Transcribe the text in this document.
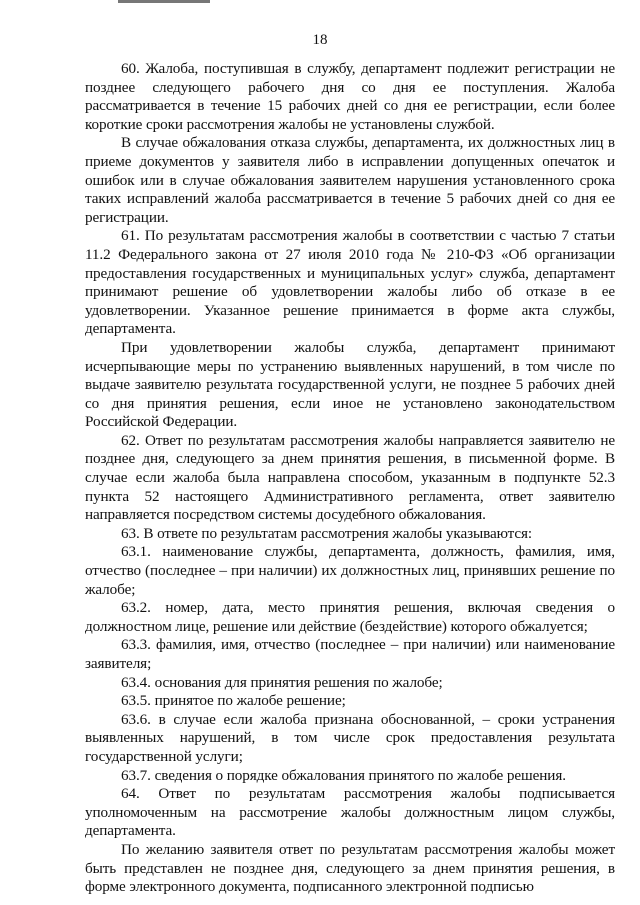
18

60. Жалоба, поступившая в службу, департамент подлежит регистрации не позднее следующего рабочего дня со дня ее поступления. Жалоба рассматривается в течение 15 рабочих дней со дня ее регистрации, если более короткие сроки рассмотрения жалобы не установлены службой.

В случае обжалования отказа службы, департамента, их должностных лиц в приеме документов у заявителя либо в исправлении допущенных опечаток и ошибок или в случае обжалования заявителем нарушения установленного срока таких исправлений жалоба рассматривается в течение 5 рабочих дней со дня ее регистрации.

61. По результатам рассмотрения жалобы в соответствии с частью 7 статьи 11.2 Федерального закона от 27 июля 2010 года № 210-ФЗ «Об организации предоставления государственных и муниципальных услуг» служба, департамент принимают решение об удовлетворении жалобы либо об отказе в ее удовлетворении. Указанное решение принимается в форме акта службы, департамента.

При удовлетворении жалобы служба, департамент принимают исчерпывающие меры по устранению выявленных нарушений, в том числе по выдаче заявителю результата государственной услуги, не позднее 5 рабочих дней со дня принятия решения, если иное не установлено законодательством Российской Федерации.

62. Ответ по результатам рассмотрения жалобы направляется заявителю не позднее дня, следующего за днем принятия решения, в письменной форме. В случае если жалоба была направлена способом, указанным в подпункте 52.3 пункта 52 настоящего Административного регламента, ответ заявителю направляется посредством системы досудебного обжалования.

63. В ответе по результатам рассмотрения жалобы указываются:

63.1. наименование службы, департамента, должность, фамилия, имя, отчество (последнее – при наличии) их должностных лиц, принявших решение по жалобе;

63.2. номер, дата, место принятия решения, включая сведения о должностном лице, решение или действие (бездействие) которого обжалуется;

63.3. фамилия, имя, отчество (последнее – при наличии) или наименование заявителя;

63.4. основания для принятия решения по жалобе;

63.5. принятое по жалобе решение;

63.6. в случае если жалоба признана обоснованной, – сроки устранения выявленных нарушений, в том числе срок предоставления результата государственной услуги;

63.7. сведения о порядке обжалования принятого по жалобе решения.

64. Ответ по результатам рассмотрения жалобы подписывается уполномоченным на рассмотрение жалобы должностным лицом службы, департамента.

По желанию заявителя ответ по результатам рассмотрения жалобы может быть представлен не позднее дня, следующего за днем принятия решения, в форме электронного документа, подписанного электронной подписью
